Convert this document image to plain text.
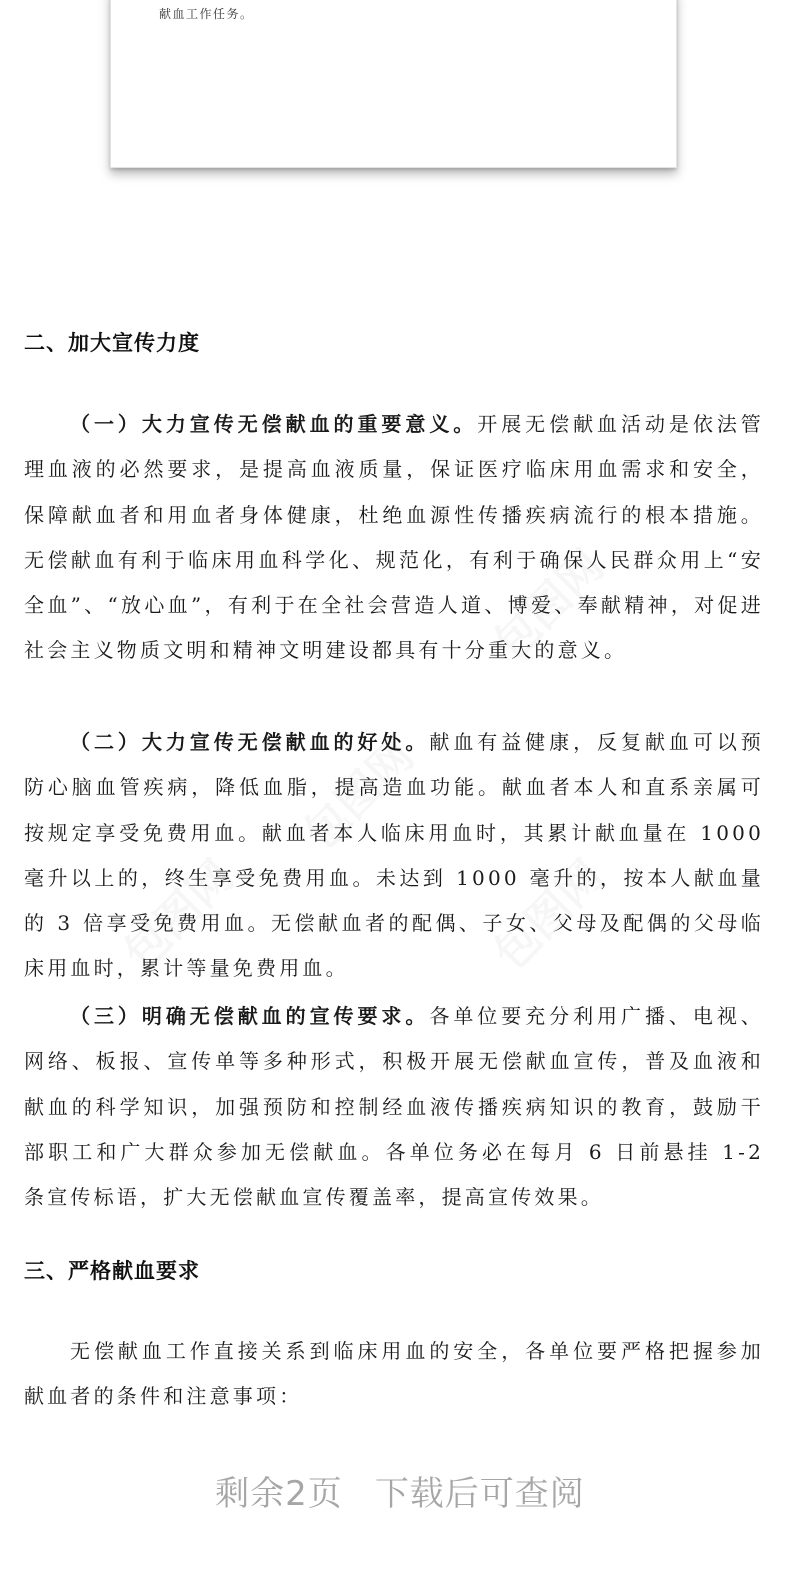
献血工作任务。
二、加大宣传力度
（一）大力宣传无偿献血的重要意义。开展无偿献血活动是依法管理血液的必然要求，是提高血液质量，保证医疗临床用血需求和安全，保障献血者和用血者身体健康，杜绝血源性传播疾病流行的根本措施。无偿献血有利于临床用血科学化、规范化，有利于确保人民群众用上“安全血”、“放心血”，有利于在全社会营造人道、博爱、奉献精神，对促进社会主义物质文明和精神文明建设都具有十分重大的意义。
（二）大力宣传无偿献血的好处。献血有益健康，反复献血可以预防心脑血管疾病，降低血脂，提高造血功能。献血者本人和直系亲属可按规定享受免费用血。献血者本人临床用血时，其累计献血量在 1000 毫升以上的，终生享受免费用血。未达到 1000 毫升的，按本人献血量的 3 倍享受免费用血。无偿献血者的配偶、子女、父母及配偶的父母临床用血时，累计等量免费用血。
（三）明确无偿献血的宣传要求。各单位要充分利用广播、电视、网络、板报、宣传单等多种形式，积极开展无偿献血宣传，普及血液和献血的科学知识，加强预防和控制经血液传播疾病知识的教育，鼓励干部职工和广大群众参加无偿献血。各单位务必在每月 6 日前悬挂 1-2 条宣传标语，扩大无偿献血宣传覆盖率，提高宣传效果。
三、严格献血要求
无偿献血工作直接关系到临床用血的安全，各单位要严格把握参加献血者的条件和注意事项：
剩余2页 下载后可查阅
